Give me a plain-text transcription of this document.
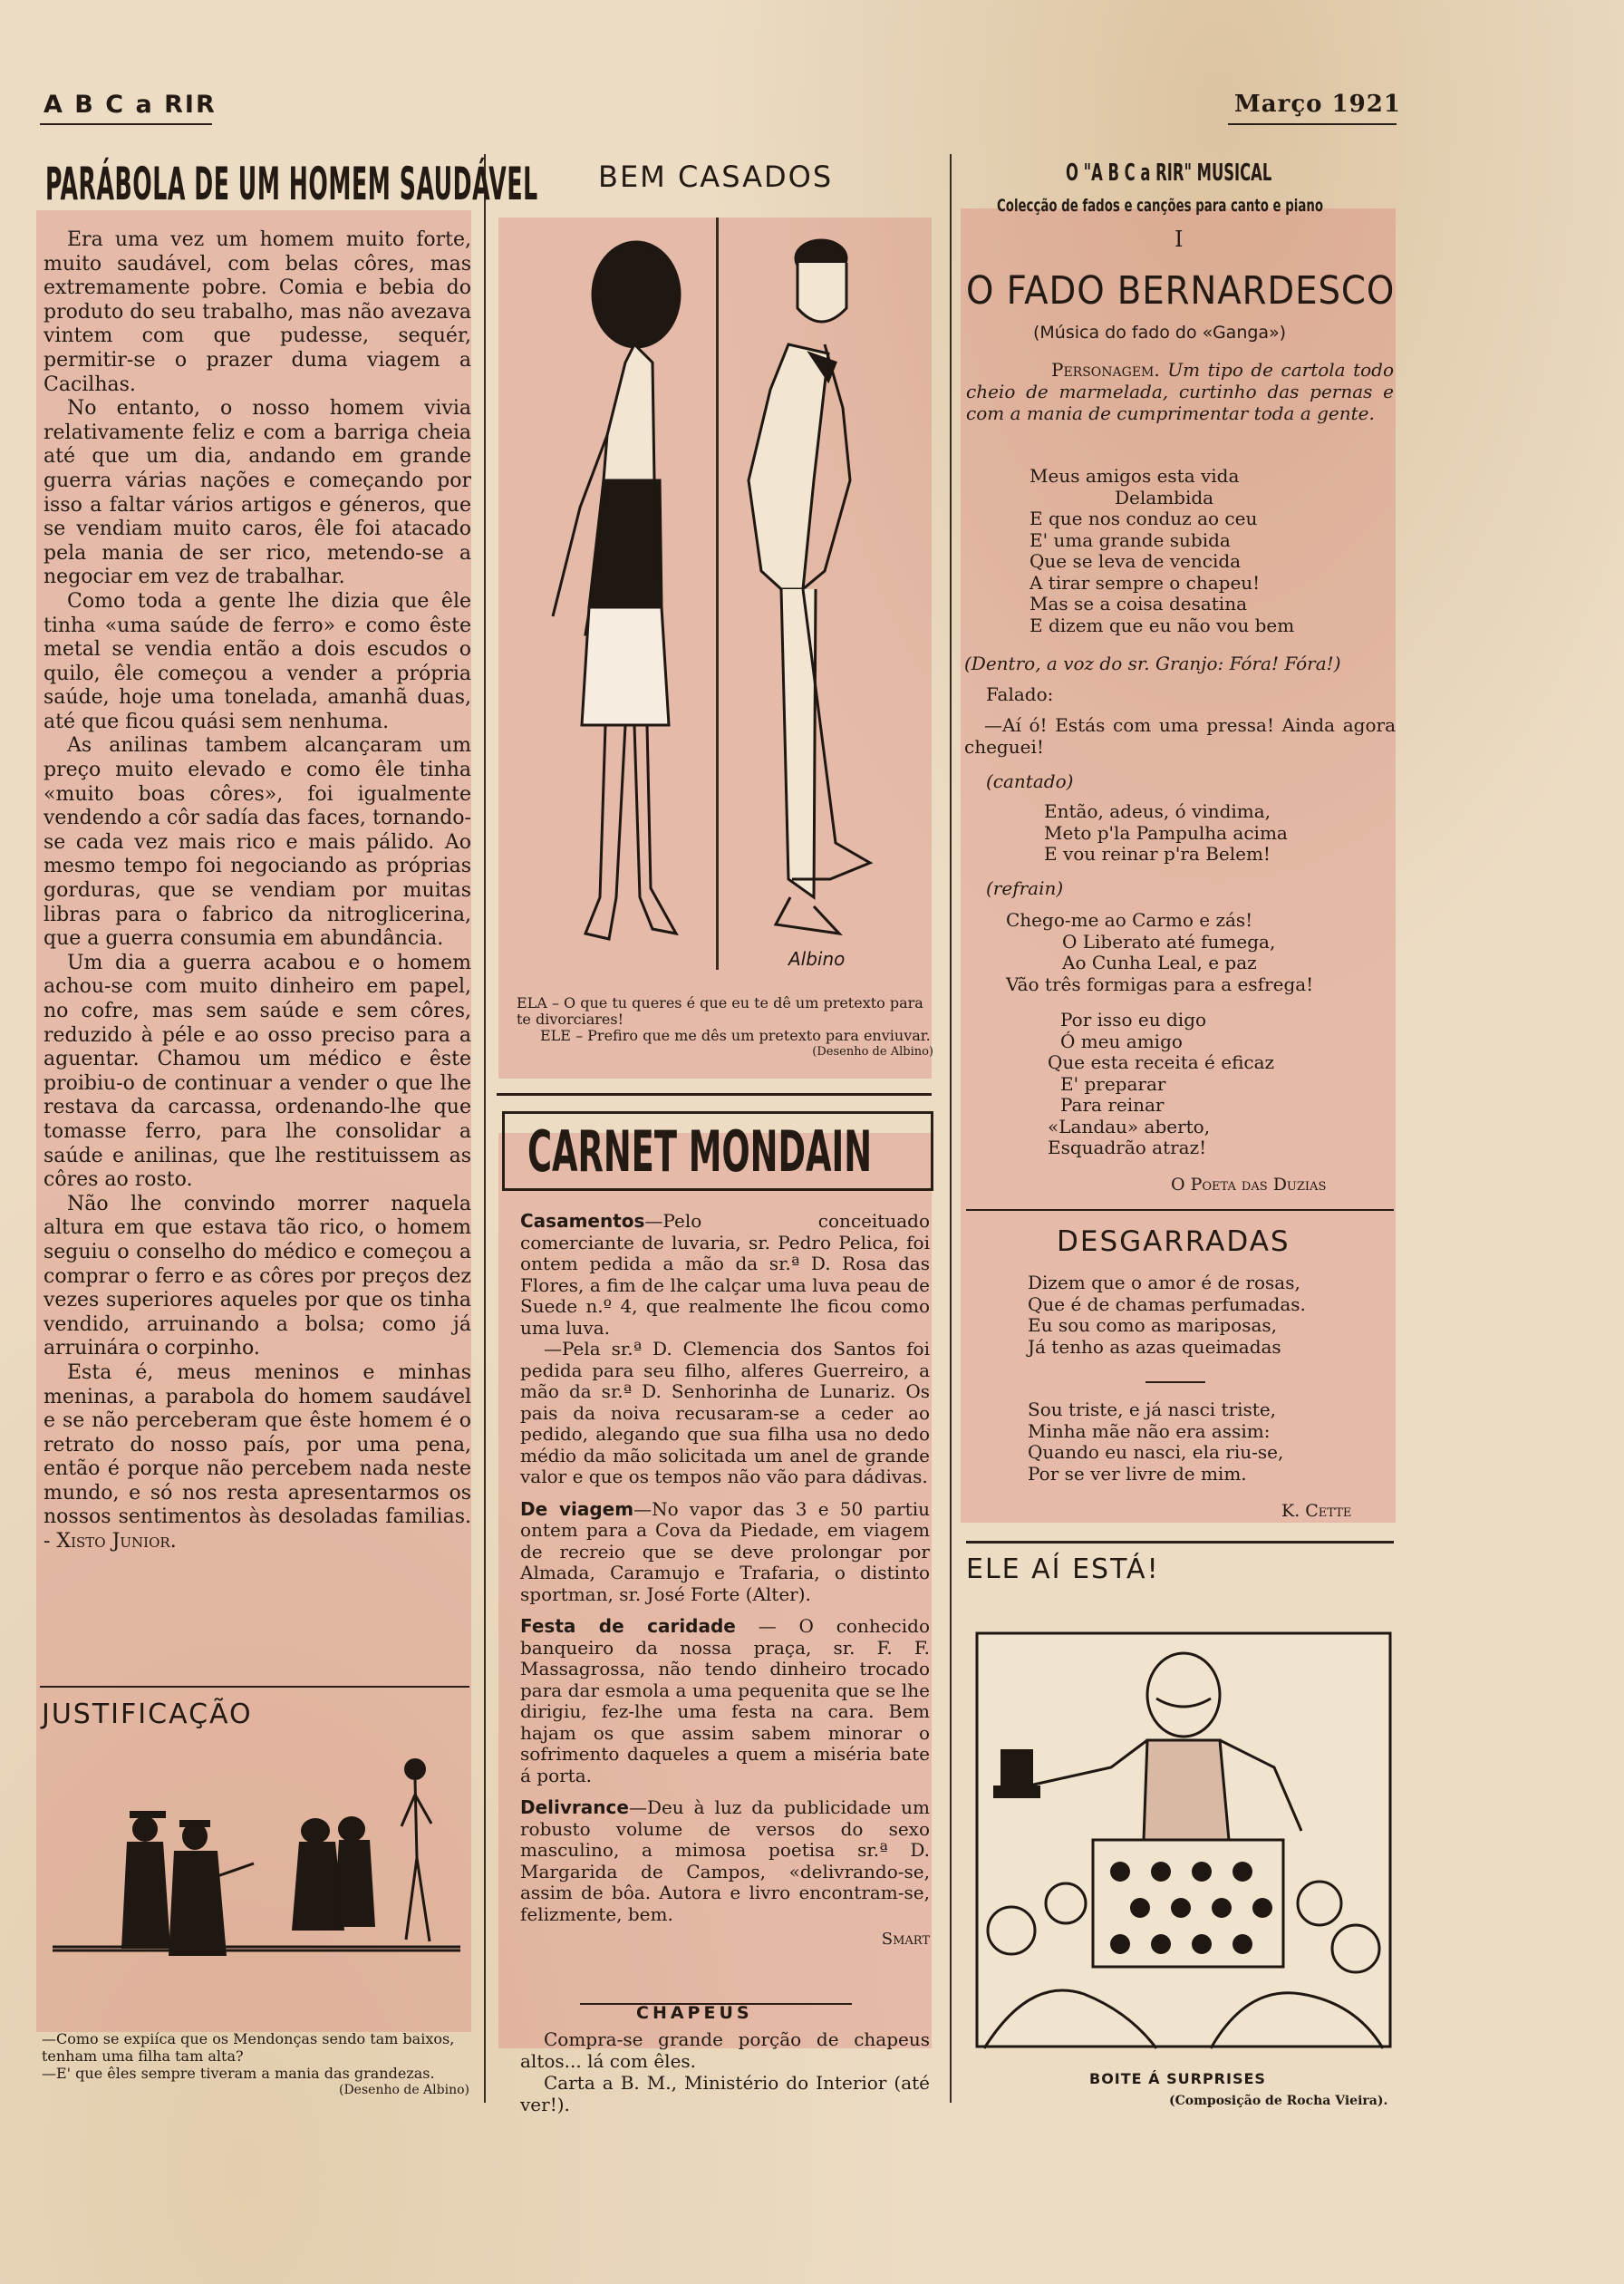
A B C a RIR	Março 1921
PARÁBOLA DE UM HOMEM SAUDÁVEL

Era uma vez um homem muito forte, muito saudável, com belas côres, mas extremamente pobre. Comia e bebia do produto do seu trabalho, mas não avezava vintem com que pudesse, sequér, permitir-se o prazer duma viagem a Cacilhas.

No entanto, o nosso homem vivia relativamente feliz e com a barriga cheia até que um dia, andando em grande guerra várias nações e começando por isso a faltar vários artigos e géneros, que se vendiam muito caros, êle foi atacado pela mania de ser rico, metendo-se a negociar em vez de trabalhar.

Como toda a gente lhe dizia que êle tinha «uma saúde de ferro» e como êste metal se vendia então a dois escudos o quilo, êle começou a vender a própria saúde, hoje uma tonelada, amanhã duas, até que ficou quási sem nenhuma.

As anilinas tambem alcançaram um preço muito elevado e como êle tinha «muito boas côres», foi igualmente vendendo a côr sadía das faces, tornando-se cada vez mais rico e mais pálido. Ao mesmo tempo foi negociando as próprias gorduras, que se vendiam por muitas libras para o fabrico da nitroglicerina, que a guerra consumia em abundância.

Um dia a guerra acabou e o homem achou-se com muito dinheiro em papel, no cofre, mas sem saúde e sem côres, reduzido à péle e ao osso preciso para a aguentar. Chamou um médico e êste proibiu-o de continuar a vender o que lhe restava da carcassa, ordenando-lhe que tomasse ferro, para lhe consolidar a saúde e anilinas, que lhe restituissem as côres ao rosto.

Não lhe convindo morrer naquela altura em que estava tão rico, o homem seguiu o conselho do médico e começou a comprar o ferro e as côres por preços dez vezes superiores aqueles por que os tinha vendido, arruinando a bolsa; como já arruinára o corpinho.

Esta é, meus meninos e minhas meninas, a parabola do homem saudável e se não perceberam que êste homem é o retrato do nosso país, por uma pena, então é porque não percebem nada neste mundo, e só nos resta apresentarmos os nossos sentimentos às desoladas familias. - Xisto Junior.

JUSTIFICAÇÃO
—Como se expiíca que os Mendonças sendo tam baixos, tenham uma filha tam alta?
—E' que êles sempre tiveram a mania das grandezas.
(Desenho de Albino)
BEM CASADOS
Albino
ELA – O que tu queres é que eu te dê um pretexto para te divorciares!
ELE – Prefiro que me dês um pretexto para enviuvar.
(Desenho de Albino)
CARNET MONDAIN

Casamentos—Pelo conceituado comerciante de luvaria, sr. Pedro Pelica, foi ontem pedida a mão da sr.ª D. Rosa das Flores, a fim de lhe calçar uma luva peau de Suede n.º 4, que realmente lhe ficou como uma luva.

—Pela sr.ª D. Clemencia dos Santos foi pedida para seu filho, alferes Guerreiro, a mão da sr.ª D. Senhorinha de Lunariz. Os pais da noiva recusaram-se a ceder ao pedido, alegando que sua filha usa no dedo médio da mão solicitada um anel de grande valor e que os tempos não vão para dádivas.

De viagem—No vapor das 3 e 50 partiu ontem para a Cova da Piedade, em viagem de recreio que se deve prolongar por Almada, Caramujo e Trafaria, o distinto sportman, sr. José Forte (Alter).

Festa de caridade — O conhecido banqueiro da nossa praça, sr. F. F. Massagrossa, não tendo dinheiro trocado para dar esmola a uma pequenita que se lhe dirigiu, fez-lhe uma festa na cara. Bem hajam os que assim sabem minorar o sofrimento daqueles a quem a miséria bate á porta.

Delivrance—Deu à luz da publicidade um robusto volume de versos do sexo masculino, a mimosa poetisa sr.ª D. Margarida de Campos, «delivrando-se, assim de bôa. Autora e livro encontram-se, felizmente, bem.

Smart
CHAPEUS

Compra-se grande porção de chapeus altos... lá com êles.

Carta a B. M., Ministério do Interior (até ver!).

O "A B C a RIR" MUSICAL
Colecção de fados e canções para canto e piano
I
O FADO BERNARDESCO
(Música do fado do «Ganga»)

Personagem. Um tipo de cartola todo cheio de marmelada, curtinho das pernas e com a mania de cumprimentar toda a gente.

Meus amigos esta vida
Delambida
E que nos conduz ao ceu
E' uma grande subida
Que se leva de vencida
A tirar sempre o chapeu!
Mas se a coisa desatina
E dizem que eu não vou bem
(Dentro, a voz do sr. Granjo: Fóra! Fóra!)
Falado:

—Aí ó! Estás com uma pressa! Ainda agora cheguei!

(cantado)
Então, adeus, ó vindima,
Meto p'la Pampulha acima
E vou reinar p'ra Belem!
(refrain)
Chego-me ao Carmo e zás!
O Liberato até fumega,
Ao Cunha Leal, e paz
Vão três formigas para a esfrega!
Por isso eu digo
Ó meu amigo
Que esta receita é eficaz
E' preparar
Para reinar
«Landau» aberto,
Esquadrão atraz!
O Poeta das Duzias
DESGARRADAS
Dizem que o amor é de rosas,
Que é de chamas perfumadas.
Eu sou como as mariposas,
Já tenho as azas queimadas
Sou triste, e já nasci triste,
Minha mãe não era assim:
Quando eu nasci, ela riu-se,
Por se ver livre de mim.
K. Cette
ELE AÍ ESTÁ!
BOITE Á SURPRISES
(Composição de Rocha Vieira).
